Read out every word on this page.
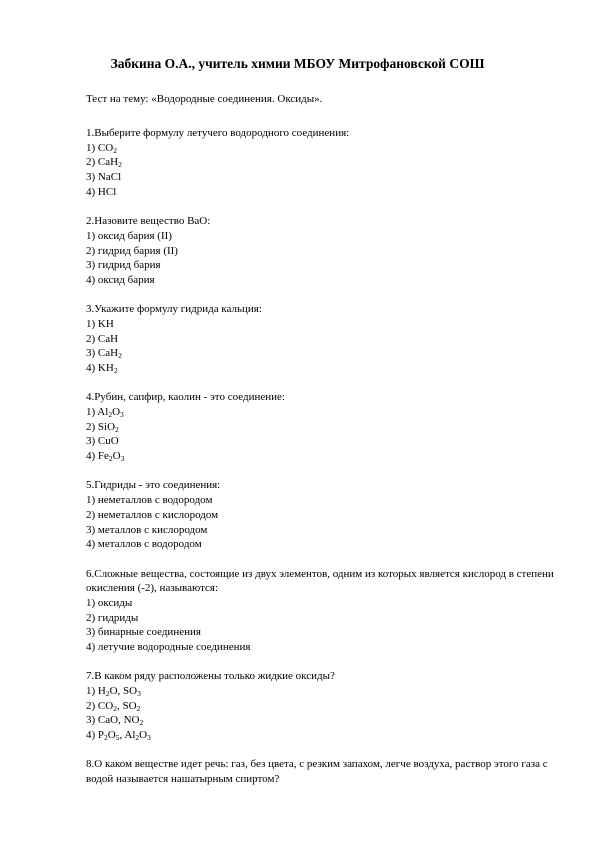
Забкина О.А., учитель химии МБОУ Митрофановской СОШ
Тест на тему: «Водородные соединения. Оксиды».

1.Выберите формулу летучего водородного соединения:

1) $CO_2$

2) CaH$_2$

3) NaCl

4) HCl

2.Назовите вещество BaO:

1) оксид бария (II)

2) гидрид бария (II)

3) гидрид бария

4) оксид бария

3.Укажите формулу гидрида кальция:

1) KH

2) CaH

3) CaH$_2$

4) $KH_2$

4.Рубин, сапфир, каолин - это соединение:

1) $Al_2O_3$

2) SiO$_2$

3) CuO

4) $Fe_2O_3$

5.Гидриды - это соединения:

1) неметаллов с водородом

2) неметаллов с кислородом

3) металлов с кислородом

4) металлов с водородом

6.Сложные вещества, состоящие из двух элементов, одним из которых является кислород в степени окисления (-2), называются:

1) оксиды

2) гидриды

3) бинарные соединения

4) летучие водородные соединения

7.В каком ряду расположены только жидкие оксиды?

1) $H_2O$, $SO_3$

2) $CO_2$, $SO_2$

3) CaO, $NO_2$

4) $P_2O_5$, $Al_2O_3$

8.О каком веществе идет речь: газ, без цвета, с резким запахом, легче воздуха, раствор этого газа с водой называется нашатырным спиртом?
